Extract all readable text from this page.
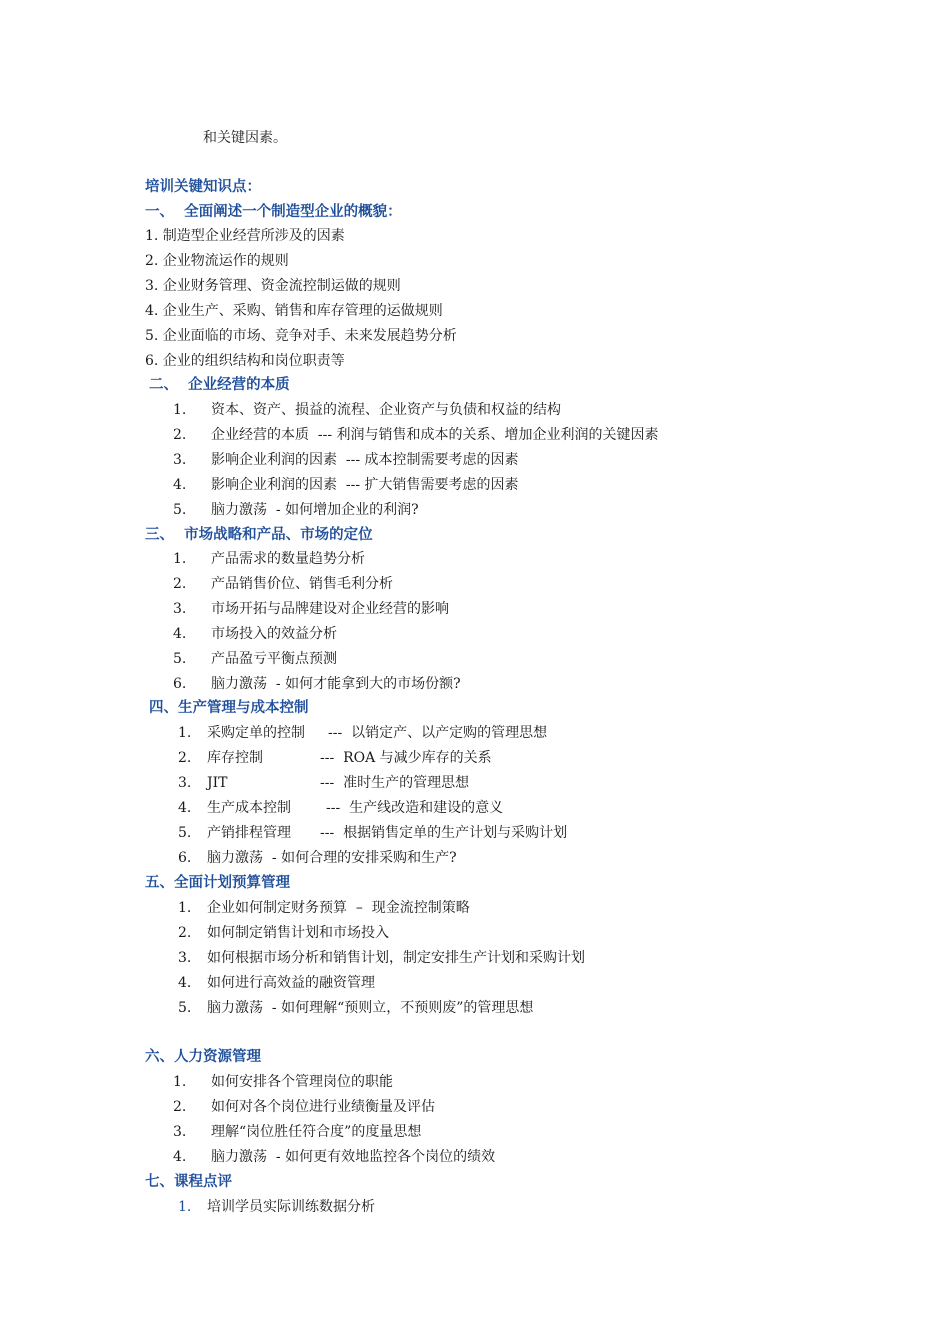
和关键因素。
培训关键知识点：
一、  全面阐述一个制造型企业的概貌：
1. 制造型企业经营所涉及的因素
2. 企业物流运作的规则
3. 企业财务管理、资金流控制运做的规则
4. 企业生产、采购、销售和库存管理的运做规则
5. 企业面临的市场、竞争对手、未来发展趋势分析
6. 企业的组织结构和岗位职责等
二、  企业经营的本质
1. 资本、资产、损益的流程、企业资产与负债和权益的结构
2. 企业经营的本质  --- 利润与销售和成本的关系、增加企业利润的关键因素
3. 影响企业利润的因素  --- 成本控制需要考虑的因素
4. 影响企业利润的因素  --- 扩大销售需要考虑的因素
5. 脑力激荡  - 如何增加企业的利润?
三、  市场战略和产品、市场的定位
1. 产品需求的数量趋势分析
2. 产品销售价位、销售毛利分析
3. 市场开拓与品牌建设对企业经营的影响
4. 市场投入的效益分析
5. 产品盈亏平衡点预测
6. 脑力激荡  - 如何才能拿到大的市场份额?
四、生产管理与成本控制
1. 采购定单的控制 ---  以销定产、以产定购的管理思想
2. 库存控制	---  ROA 与减少库存的关系
3. JIT	---  准时生产的管理思想
4. 生产成本控制	---  生产线改造和建设的意义
5. 产销排程管理 ---  根据销售定单的生产计划与采购计划
6. 脑力激荡  - 如何合理的安排采购和生产?
五、全面计划预算管理
1. 企业如何制定财务预算  –  现金流控制策略
2. 如何制定销售计划和市场投入
3. 如何根据市场分析和销售计划，制定安排生产计划和采购计划
4. 如何进行高效益的融资管理
5. 脑力激荡  - 如何理解“预则立，不预则废”的管理思想
六、人力资源管理
1. 如何安排各个管理岗位的职能
2. 如何对各个岗位进行业绩衡量及评估
3. 理解“岗位胜任符合度”的度量思想
4. 脑力激荡  - 如何更有效地监控各个岗位的绩效
七、课程点评
1. 培训学员实际训练数据分析
